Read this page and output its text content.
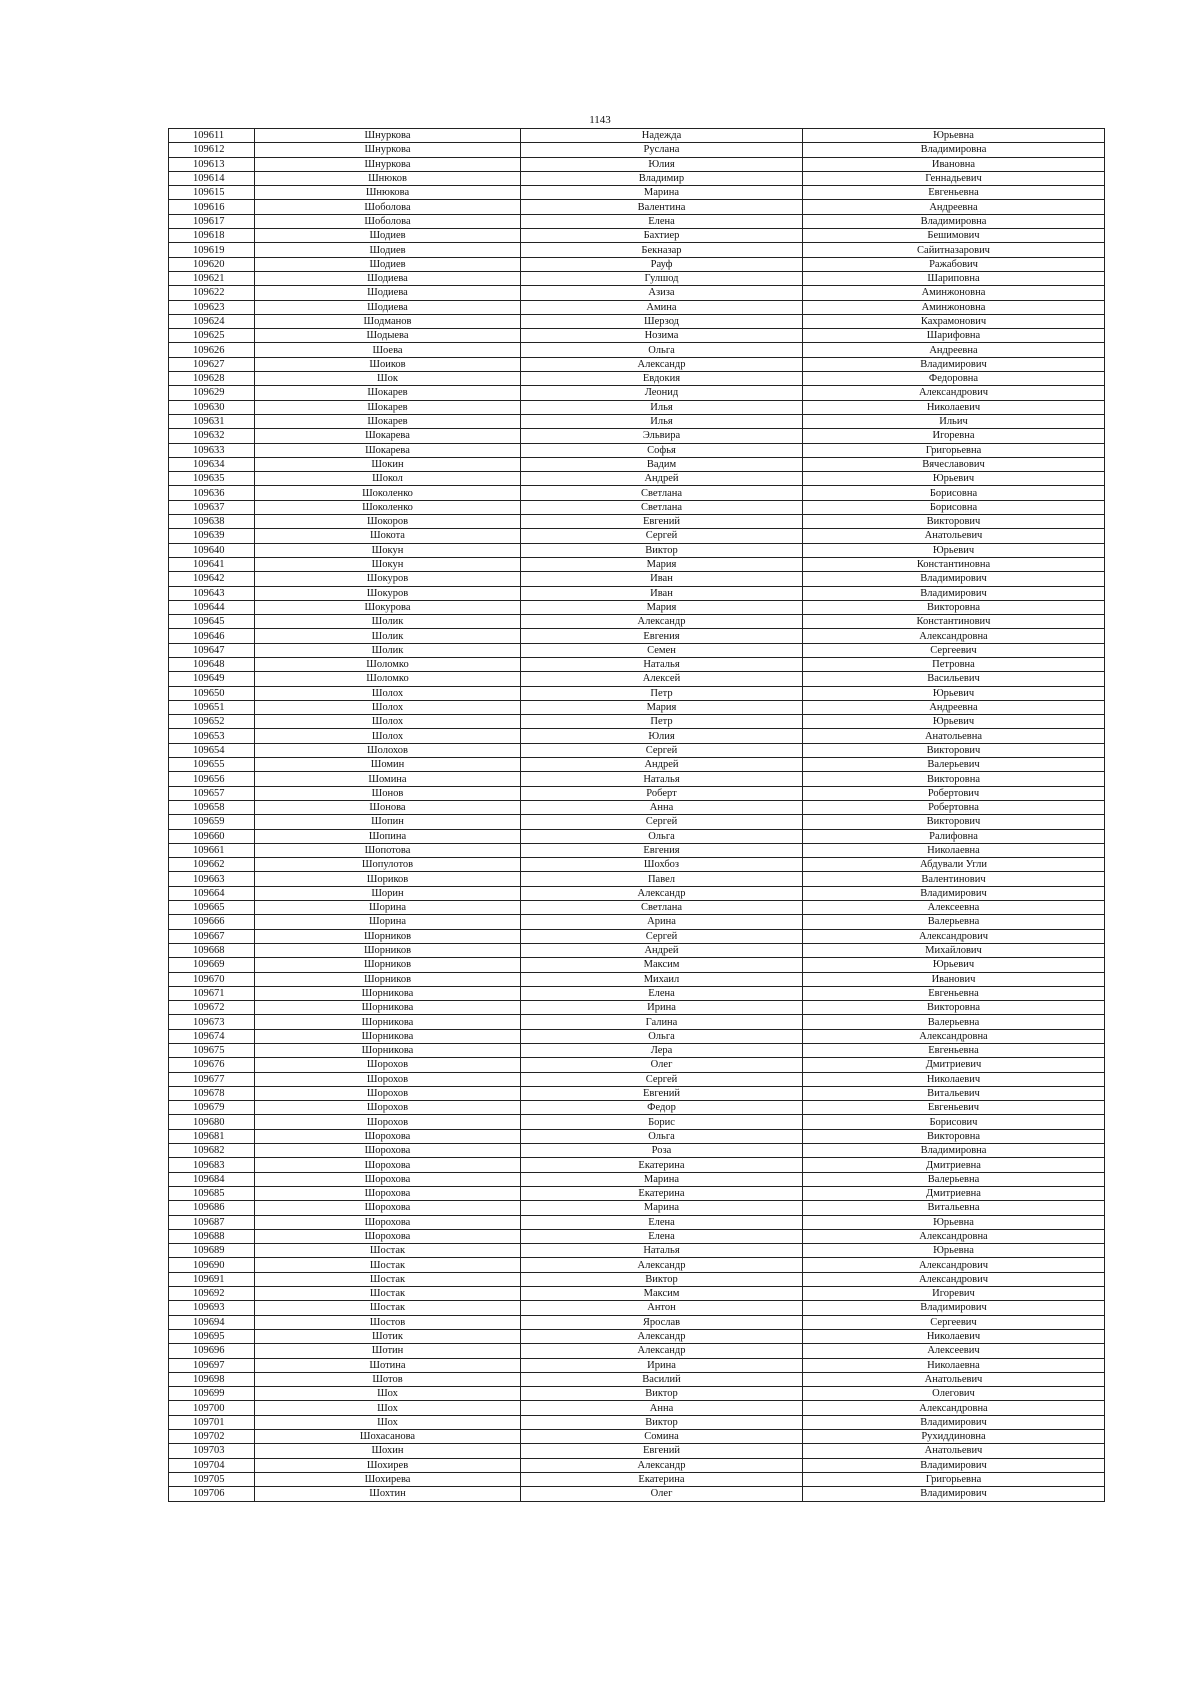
1143
109611	Шнуркова	Надежда	Юрьевна
109612	Шнуркова	Руслана	Владимировна
109613	Шнуркова	Юлия	Ивановна
109614	Шнюков	Владимир	Геннадьевич
109615	Шнюкова	Марина	Евгеньевна
109616	Шоболова	Валентина	Андреевна
109617	Шоболова	Елена	Владимировна
109618	Шодиев	Бахтиер	Бешимович
109619	Шодиев	Бекназар	Сайитназарович
109620	Шодиев	Рауф	Ражабович
109621	Шодиева	Гулшод	Шариповна
109622	Шодиева	Азиза	Аминжоновна
109623	Шодиева	Амина	Аминжоновна
109624	Шодманов	Шерзод	Кахрамонович
109625	Шодыева	Нозима	Шарифовна
109626	Шоева	Ольга	Андреевна
109627	Шоиков	Александр	Владимирович
109628	Шок	Евдокия	Федоровна
109629	Шокарев	Леонид	Александрович
109630	Шокарев	Илья	Николаевич
109631	Шокарев	Илья	Ильич
109632	Шокарева	Эльвира	Игоревна
109633	Шокарева	Софья	Григорьевна
109634	Шокин	Вадим	Вячеславович
109635	Шокол	Андрей	Юрьевич
109636	Шоколенко	Светлана	Борисовна
109637	Шоколенко	Светлана	Борисовна
109638	Шокоров	Евгений	Викторович
109639	Шокота	Сергей	Анатольевич
109640	Шокун	Виктор	Юрьевич
109641	Шокун	Мария	Константиновна
109642	Шокуров	Иван	Владимирович
109643	Шокуров	Иван	Владимирович
109644	Шокурова	Мария	Викторовна
109645	Шолик	Александр	Константинович
109646	Шолик	Евгения	Александровна
109647	Шолик	Семен	Сергеевич
109648	Шоломко	Наталья	Петровна
109649	Шоломко	Алексей	Васильевич
109650	Шолох	Петр	Юрьевич
109651	Шолох	Мария	Андреевна
109652	Шолох	Петр	Юрьевич
109653	Шолох	Юлия	Анатольевна
109654	Шолохов	Сергей	Викторович
109655	Шомин	Андрей	Валерьевич
109656	Шомина	Наталья	Викторовна
109657	Шонов	Роберт	Робертович
109658	Шонова	Анна	Робертовна
109659	Шопин	Сергей	Викторович
109660	Шопина	Ольга	Ралифовна
109661	Шопотова	Евгения	Николаевна
109662	Шопулотов	Шохбоз	Абдували Угли
109663	Шориков	Павел	Валентинович
109664	Шорин	Александр	Владимирович
109665	Шорина	Светлана	Алексеевна
109666	Шорина	Арина	Валерьевна
109667	Шорников	Сергей	Александрович
109668	Шорников	Андрей	Михайлович
109669	Шорников	Максим	Юрьевич
109670	Шорников	Михаил	Иванович
109671	Шорникова	Елена	Евгеньевна
109672	Шорникова	Ирина	Викторовна
109673	Шорникова	Галина	Валерьевна
109674	Шорникова	Ольга	Александровна
109675	Шорникова	Лера	Евгеньевна
109676	Шорохов	Олег	Дмитриевич
109677	Шорохов	Сергей	Николаевич
109678	Шорохов	Евгений	Витальевич
109679	Шорохов	Федор	Евгеньевич
109680	Шорохов	Борис	Борисович
109681	Шорохова	Ольга	Викторовна
109682	Шорохова	Роза	Владимировна
109683	Шорохова	Екатерина	Дмитриевна
109684	Шорохова	Марина	Валерьевна
109685	Шорохова	Екатерина	Дмитриевна
109686	Шорохова	Марина	Витальевна
109687	Шорохова	Елена	Юрьевна
109688	Шорохова	Елена	Александровна
109689	Шостак	Наталья	Юрьевна
109690	Шостак	Александр	Александрович
109691	Шостак	Виктор	Александрович
109692	Шостак	Максим	Игоревич
109693	Шостак	Антон	Владимирович
109694	Шостов	Ярослав	Сергеевич
109695	Шотик	Александр	Николаевич
109696	Шотин	Александр	Алексеевич
109697	Шотина	Ирина	Николаевна
109698	Шотов	Василий	Анатольевич
109699	Шох	Виктор	Олегович
109700	Шох	Анна	Александровна
109701	Шох	Виктор	Владимирович
109702	Шохасанова	Сомина	Рухиддиновна
109703	Шохин	Евгений	Анатольевич
109704	Шохирев	Александр	Владимирович
109705	Шохирева	Екатерина	Григорьевна
109706	Шохтин	Олег	Владимирович
